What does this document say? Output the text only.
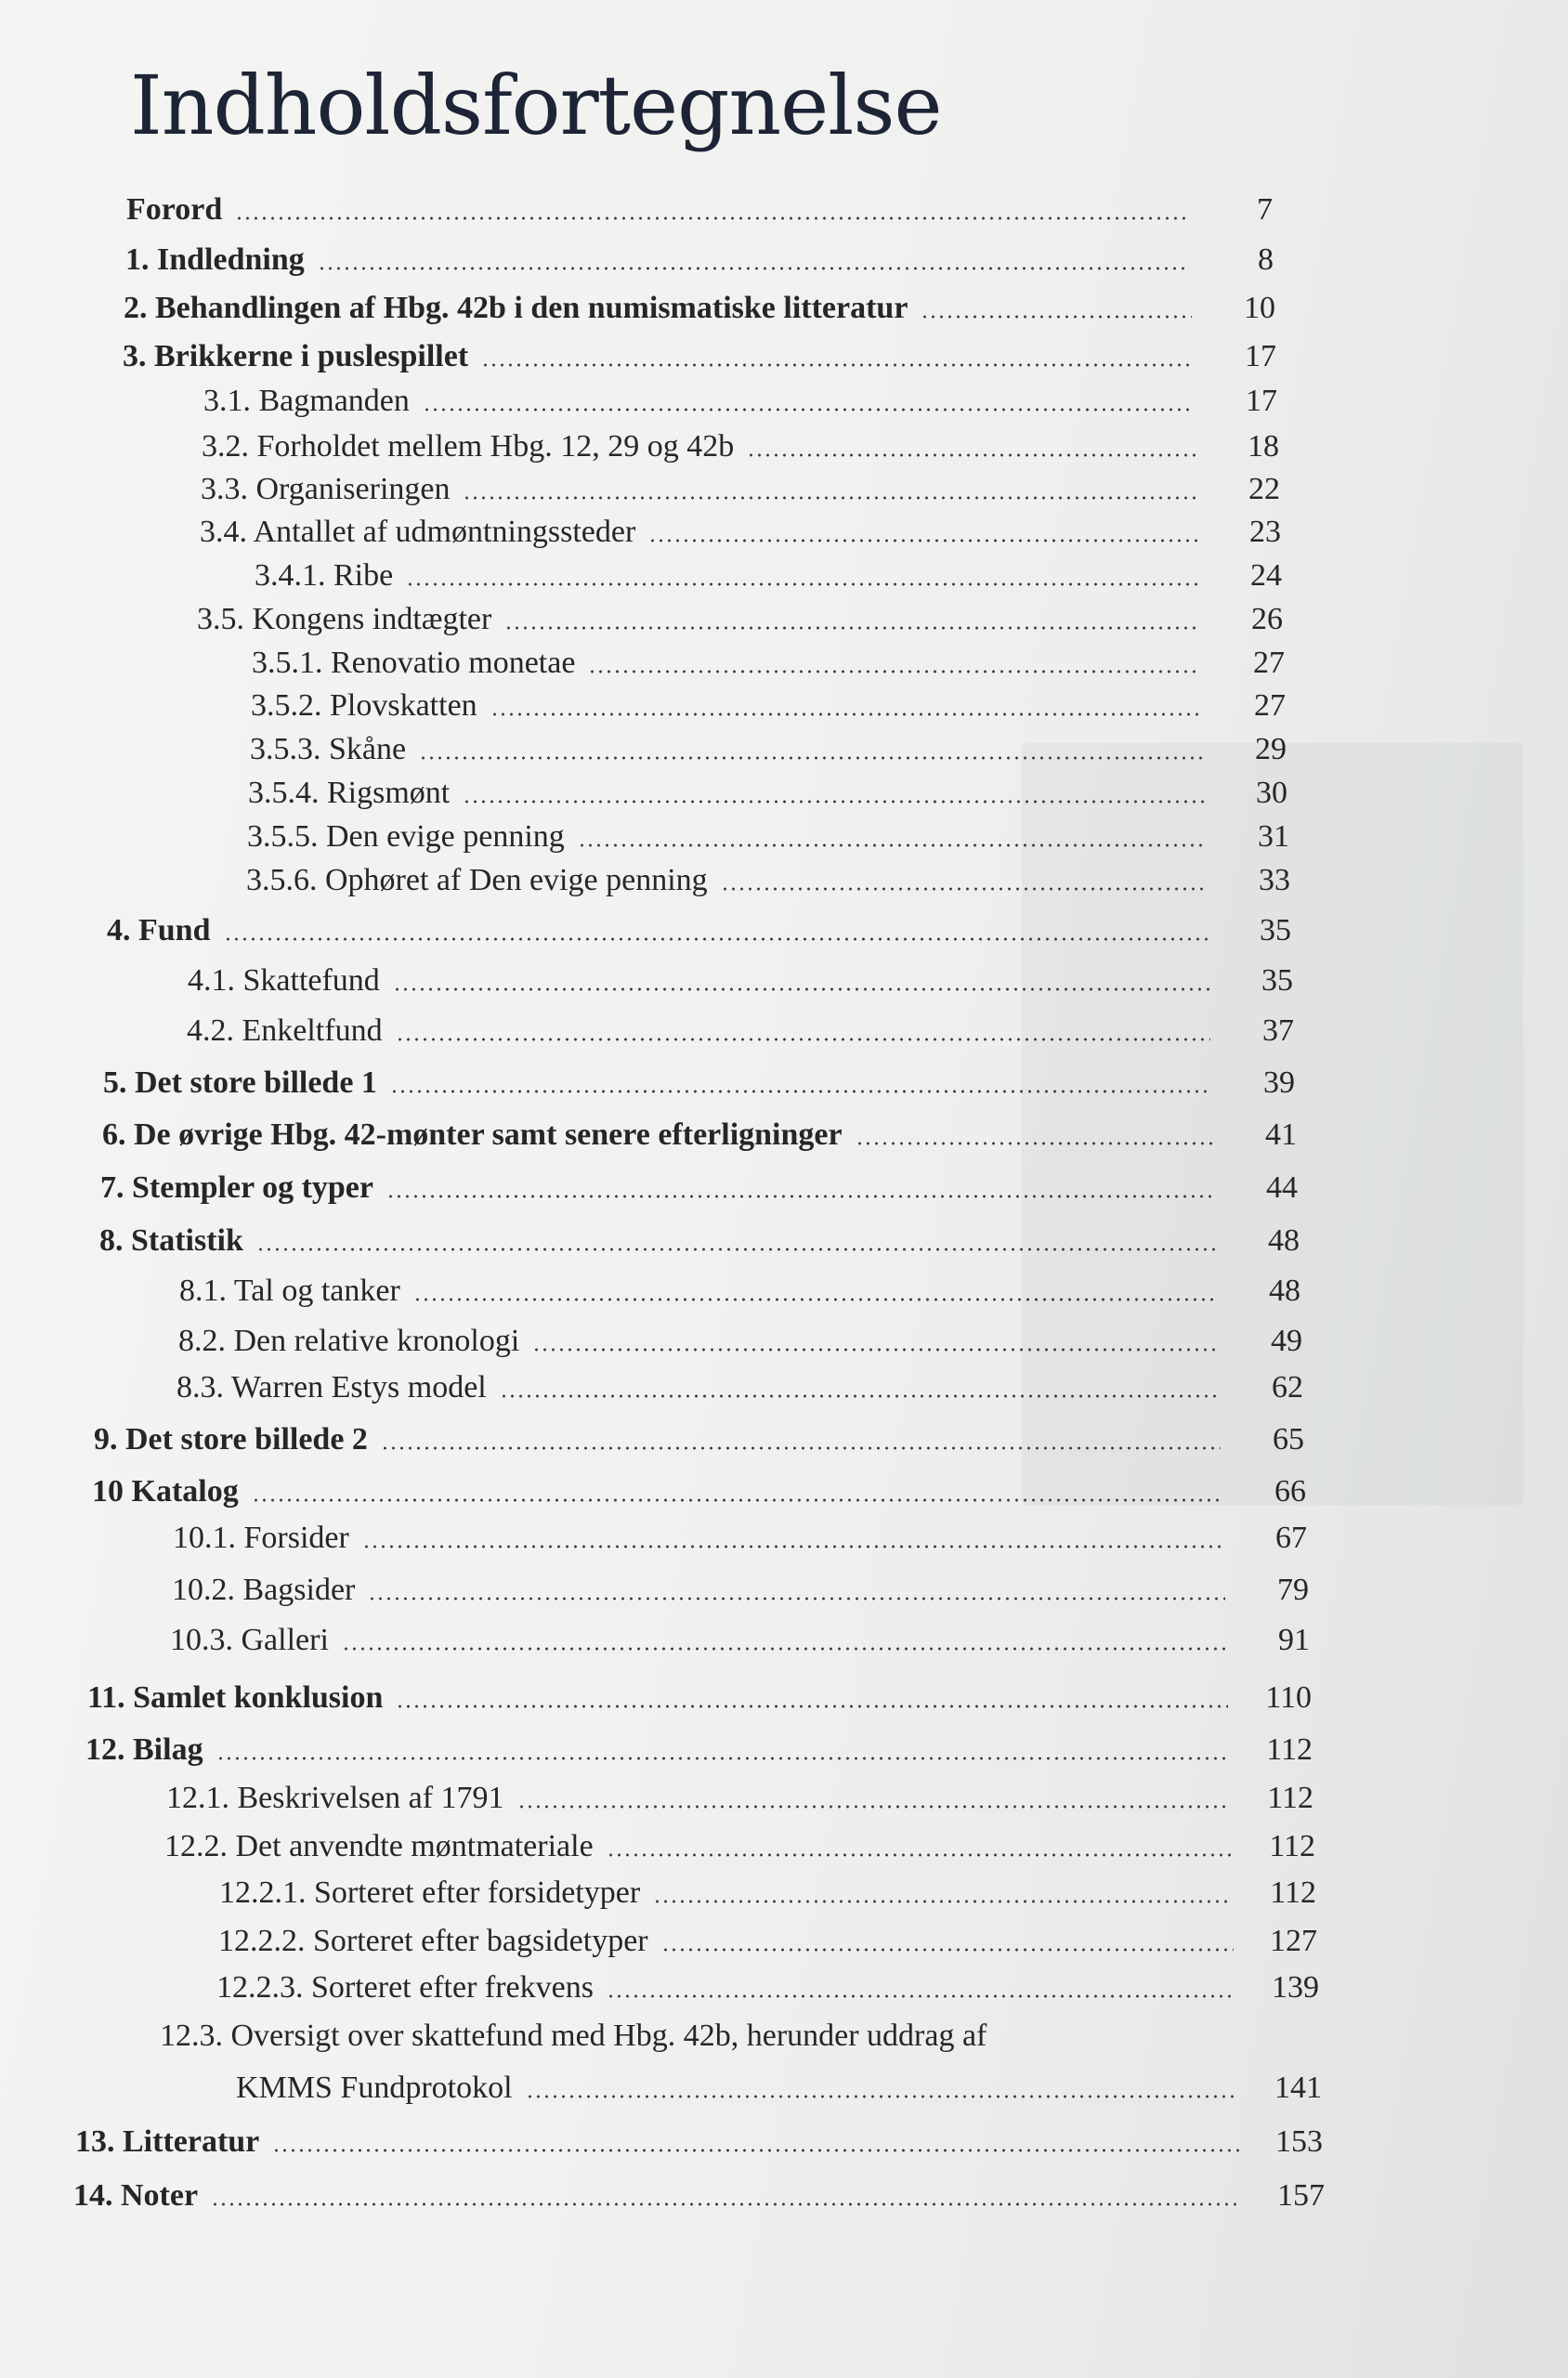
Indholdsfortegnelse
Forord	7
1. Indledning	8
2. Behandlingen af Hbg. 42b i den numismatiske litteratur	10
3. Brikkerne i puslespillet	17
3.1. Bagmanden	17
3.2. Forholdet mellem Hbg. 12, 29 og 42b	18
3.3. Organiseringen	22
3.4. Antallet af udmøntningssteder	23
3.4.1. Ribe	24
3.5. Kongens indtægter	26
3.5.1. Renovatio monetae	27
3.5.2. Plovskatten	27
3.5.3. Skåne	29
3.5.4. Rigsmønt	30
3.5.5. Den evige penning	31
3.5.6. Ophøret af Den evige penning	33
4. Fund	35
4.1. Skattefund	35
4.2. Enkeltfund	37
5. Det store billede 1	39
6. De øvrige Hbg. 42-mønter samt senere efterligninger	41
7. Stempler og typer	44
8. Statistik	48
8.1. Tal og tanker	48
8.2. Den relative kronologi	49
8.3. Warren Estys model	62
9. Det store billede 2	65
10 Katalog	66
10.1. Forsider	67
10.2. Bagsider	79
10.3. Galleri	91
11. Samlet konklusion	110
12. Bilag	112
12.1. Beskrivelsen af 1791	112
12.2. Det anvendte møntmateriale	112
12.2.1. Sorteret efter forsidetyper	112
12.2.2. Sorteret efter bagsidetyper	127
12.2.3. Sorteret efter frekvens	139
12.3. Oversigt over skattefund med Hbg. 42b, herunder uddrag af
KMMS Fundprotokol	141
13. Litteratur	153
14. Noter	157
